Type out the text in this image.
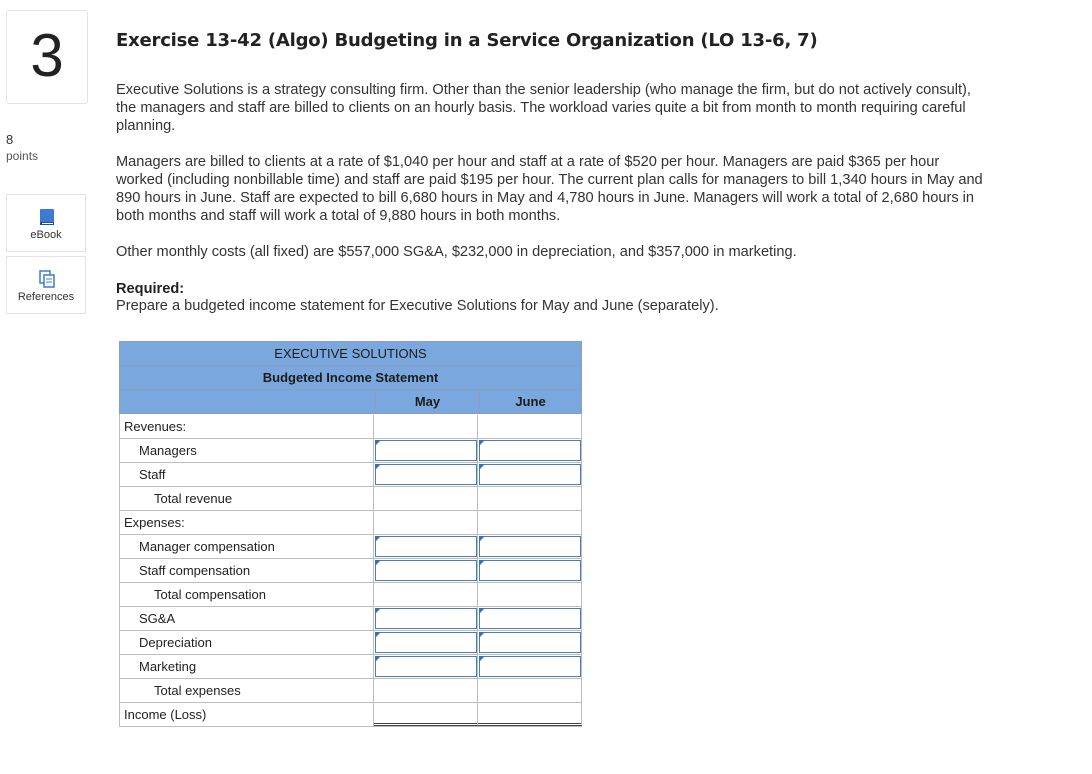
3
8
points
eBook
References
Exercise 13-42 (Algo) Budgeting in a Service Organization (LO 13-6, 7)
Executive Solutions is a strategy consulting firm. Other than the senior leadership (who manage the firm, but do not actively consult),
the managers and staff are billed to clients on an hourly basis. The workload varies quite a bit from month to month requiring careful
planning.
Managers are billed to clients at a rate of $1,040 per hour and staff at a rate of $520 per hour. Managers are paid $365 per hour
worked (including nonbillable time) and staff are paid $195 per hour. The current plan calls for managers to bill 1,340 hours in May and
890 hours in June. Staff are expected to bill 6,680 hours in May and 4,780 hours in June. Managers will work a total of 2,680 hours in
both months and staff will work a total of 9,880 hours in both months.
Other monthly costs (all fixed) are $557,000 SG&A, $232,000 in depreciation, and $357,000 in marketing.
Required:
Prepare a budgeted income statement for Executive Solutions for May and June (separately).
EXECUTIVE SOLUTIONS
Budgeted Income Statement
May	June
Revenues:
Managers
Staff
Total revenue
Expenses:
Manager compensation
Staff compensation
Total compensation
SG&A
Depreciation
Marketing
Total expenses
Income (Loss)
